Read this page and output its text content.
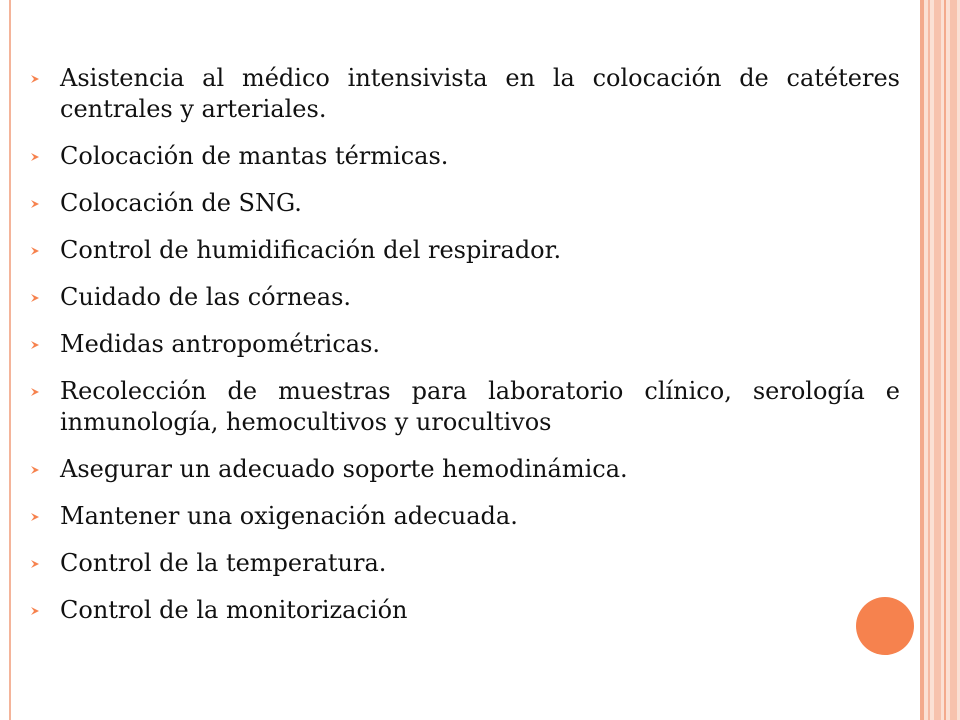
Asistencia al médico intensivista en la colocación de catéteres centrales y arteriales.
Colocación de mantas térmicas.
Colocación de SNG.
Control de humidificación del respirador.
Cuidado de las córneas.
Medidas antropométricas.
Recolección de muestras para laboratorio clínico, serología e inmunología, hemocultivos y urocultivos
Asegurar un adecuado soporte hemodinámica.
Mantener una oxigenación adecuada.
Control de la temperatura.
Control de la monitorización
